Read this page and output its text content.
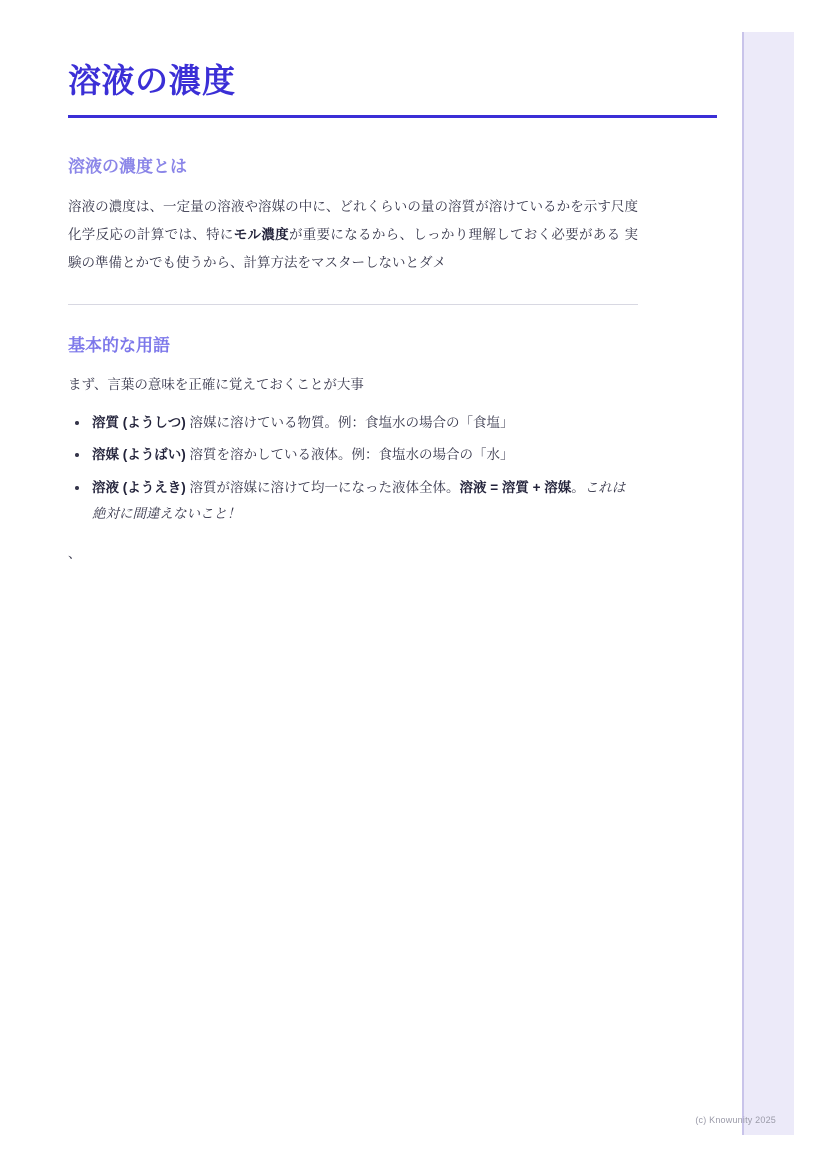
溶液の濃度
溶液の濃度とは

溶液の濃度は、一定量の溶液や溶媒の中に、どれくらいの量の溶質が溶けているかを示す尺度 化学反応の計算では、特にモル濃度が重要になるから、しっかり理解しておく必要がある 実験の準備とかでも使うから、計算方法をマスターしないとダメ

基本的な用語

まず、言葉の意味を正確に覚えておくことが大事

溶質 (ようしつ) 溶媒に溶けている物質。例：食塩水の場合の「食塩」
溶媒 (ようばい) 溶質を溶かしている液体。例：食塩水の場合の「水」
溶液 (ようえき) 溶質が溶媒に溶けて均一になった液体全体。溶液 = 溶質 + 溶媒。これは絶対に間違えないこと！
、
(c) Knowunity 2025
